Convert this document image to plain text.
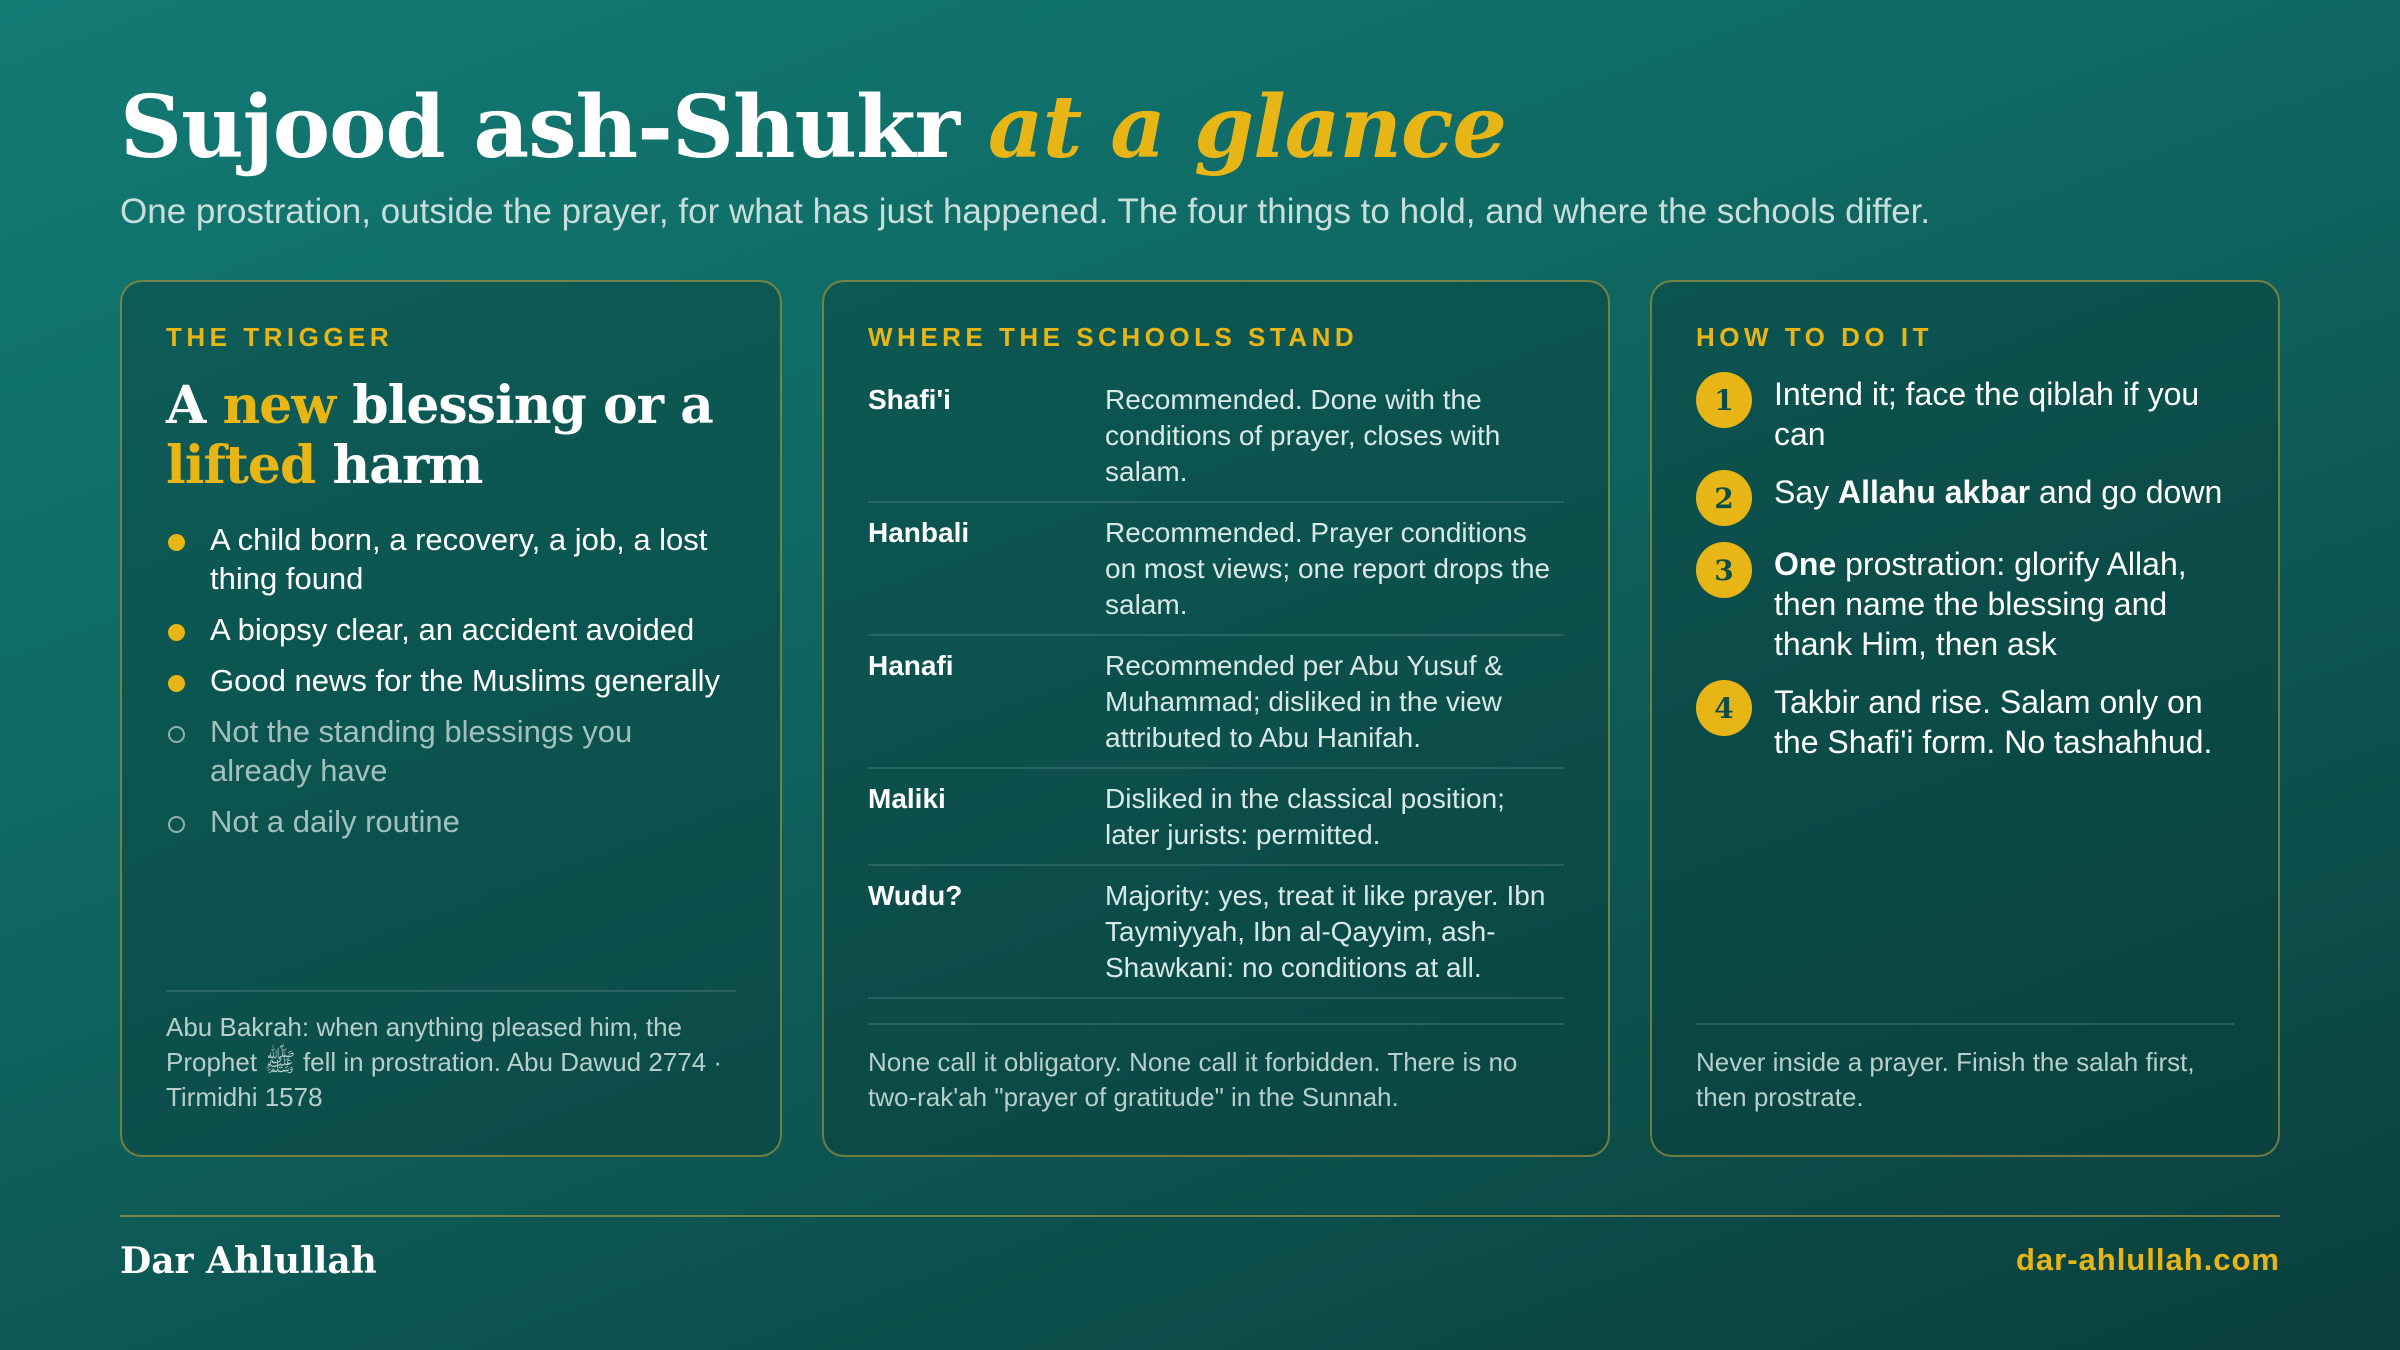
Sujood ash-Shukr at a glance

One prostration, outside the prayer, for what has just happened. The four things to hold, and where the schools differ.

THE TRIGGER
A new blessing or a lifted harm
A child born, a recovery, a job, a lost thing found
A biopsy clear, an accident avoided
Good news for the Muslims generally
Not the standing blessings you already have
Not a daily routine
Abu Bakrah: when anything pleased him, the Prophet ﷺ fell in prostration. Abu Dawud 2774 · Tirmidhi 1578
WHERE THE SCHOOLS STAND
Shafi'i	Recommended. Done with the conditions of prayer, closes with salam.
Hanbali	Recommended. Prayer conditions on most views; one report drops the salam.
Hanafi	Recommended per Abu Yusuf & Muhammad; disliked in the view attributed to Abu Hanifah.
Maliki	Disliked in the classical position; later jurists: permitted.
Wudu?	Majority: yes, treat it like prayer. Ibn Taymiyyah, Ibn al-Qayyim, ash-Shawkani: no conditions at all.
None call it obligatory. None call it forbidden. There is no two-rak'ah "prayer of gratitude" in the Sunnah.
HOW TO DO IT
1	Intend it; face the qiblah if you can
2	Say Allahu akbar and go down
3	One prostration: glorify Allah, then name the blessing and thank Him, then ask
4	Takbir and rise. Salam only on the Shafi'i form. No tashahhud.
Never inside a prayer. Finish the salah first, then prostrate.
Dar Ahlullah	dar-ahlullah.com
